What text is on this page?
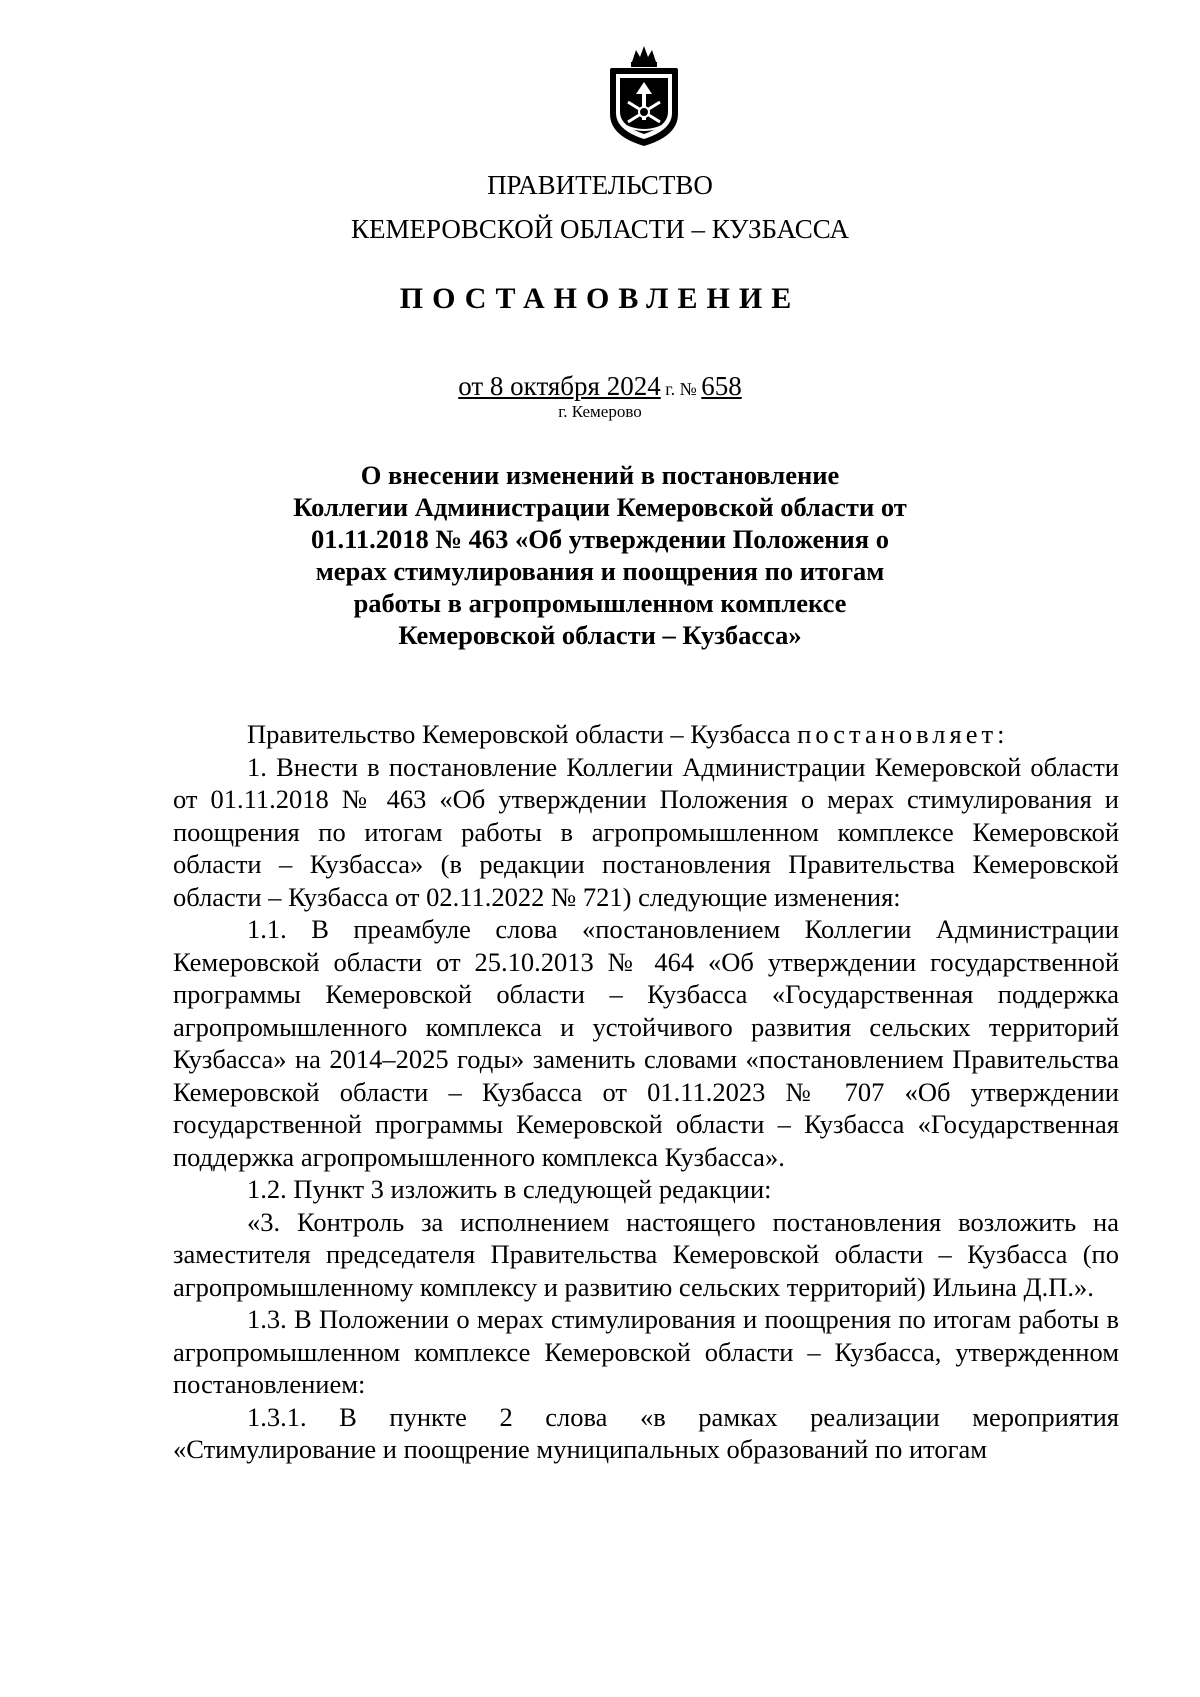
ПРАВИТЕЛЬСТВО
КЕМЕРОВСКОЙ ОБЛАСТИ – КУЗБАССА
ПОСТАНОВЛЕНИЕ
от 8 октября 2024 г. № 658
г. Кемерово
О внесении изменений в постановление
Коллегии Администрации Кемеровской области от
01.11.2018 № 463 «Об утверждении Положения о
мерах стимулирования и поощрения по итогам
работы в агропромышленном комплексе
Кемеровской области – Кузбасса»

Правительство Кемеровской области – Кузбасса постановляет:

1. Внести в постановление Коллегии Администрации Кемеровской области от 01.11.2018 № 463 «Об утверждении Положения о мерах стимулирования и поощрения по итогам работы в агропромышленном комплексе Кемеровской области – Кузбасса» (в редакции постановления Правительства Кемеровской области – Кузбасса от 02.11.2022 № 721) следующие изменения:

1.1. В преамбуле слова «постановлением Коллегии Администрации Кемеровской области от 25.10.2013 № 464 «Об утверждении государственной программы Кемеровской области – Кузбасса «Государственная поддержка агропромышленного комплекса и устойчивого развития сельских территорий Кузбасса» на 2014–2025 годы» заменить словами «постановлением Правительства Кемеровской области – Кузбасса от 01.11.2023 № 707 «Об утверждении государственной программы Кемеровской области – Кузбасса «Государственная поддержка агропромышленного комплекса Кузбасса».

1.2. Пункт 3 изложить в следующей редакции:

«3. Контроль за исполнением настоящего постановления возложить на заместителя председателя Правительства Кемеровской области – Кузбасса (по агропромышленному комплексу и развитию сельских территорий) Ильина Д.П.».

1.3. В Положении о мерах стимулирования и поощрения по итогам работы в агропромышленном комплексе Кемеровской области – Кузбасса, утвержденном постановлением:

1.3.1. В пункте 2 слова «в рамках реализации мероприятия «Стимулирование и поощрение муниципальных образований по итогам
